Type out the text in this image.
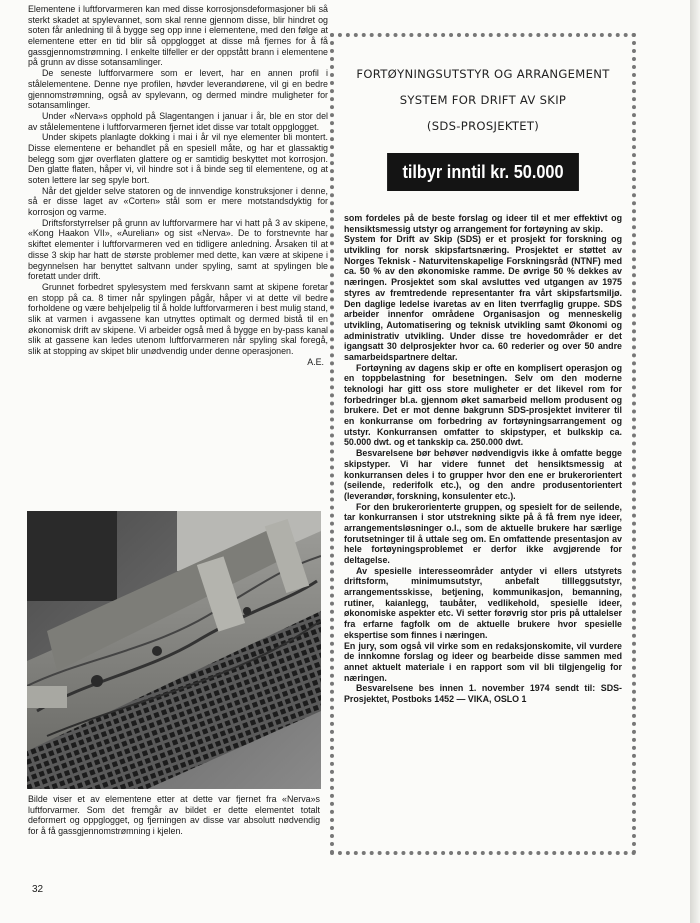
Elementene i luftforvarmeren kan med disse korrosjonsdeformasjoner bli så sterkt skadet at spylevannet, som skal renne gjennom disse, blir hindret og soten får anledning til å bygge seg opp inne i elementene, med den følge at elementene etter en tid blir så oppglogget at disse må fjernes for å få gassgjennomstrømning. I enkelte tilfeller er der oppstått brann i elementene på grunn av disse sotansamlinger.

De seneste luftforvarmere som er levert, har en annen profil i stålelementene. Denne nye profilen, høvder leverandørene, vil gi en bedre gjennomstrømning, også av spylevann, og dermed mindre muligheter for sotansamlinger.

Under «Nerva»s opphold på Slagentangen i januar i år, ble en stor del av stålelementene i luftforvarmeren fjernet idet disse var totalt oppglogget.

Under skipets planlagte dokking i mai i år vil nye elementer bli montert. Disse elementene er behandlet på en spesiell måte, og har et glassaktig belegg som gjør overflaten glattere og er samtidig beskyttet mot korrosjon. Den glatte flaten, håper vi, vil hindre sot i å binde seg til elementene, og at soten lettere lar seg spyle bort.

Når det gjelder selve statoren og de innvendige konstruksjoner i denne, så er disse laget av «Corten» stål som er mere motstandsdyktig for korrosjon og varme.

Driftsforstyrrelser på grunn av luftforvarmere har vi hatt på 3 av skipene, «Kong Haakon VII», «Aurelian» og sist «Nerva». De to forstnevnte har skiftet elementer i luftforvarmeren ved en tidligere anledning. Årsaken til at disse 3 skip har hatt de største problemer med dette, kan være at skipene i begynnelsen har benyttet saltvann under spyling, samt at spylingen ble foretatt under drift.

Grunnet forbedret spylesystem med ferskvann samt at skipene foretar en stopp på ca. 8 timer når spylingen pågår, håper vi at dette vil bedre forholdene og være behjelpelig til å holde luftforvarmeren i best mulig stand, slik at varmen i avgassene kan utnyttes optimalt og dermed bistå til en økonomisk drift av skipene. Vi arbeider også med å bygge en by-pass kanal slik at gassene kan ledes utenom luftforvarmeren når spyling skal foregå, slik at stopping av skipet blir unødvendig under denne operasjonen.

A.E.

Bilde viser et av elementene etter at dette var fjernet fra «Nerva»s luftforvarmer. Som det fremgår av bildet er dette elementet totalt deformert og oppglogget, og fjerningen av disse var absolutt nødvendig for å få gassgjennomstrømning i kjelen.

32

FORTØYNINGSUTSTYR OG ARRANGEMENT

SYSTEM FOR DRIFT AV SKIP

(SDS-PROSJEKTET)

tilbyr inntil kr. 50.000

som fordeles på de beste forslag og ideer til et mer effektivt og hensiktsmessig utstyr og arrangement for fortøyning av skip.

System for Drift av Skip (SDS) er et prosjekt for forskning og utvikling for norsk skipsfartsnæring. Prosjektet er støttet av Norges Teknisk - Naturvitenskapelige Forskningsråd (NTNF) med ca. 50 % av den økonomiske ramme. De øvrige 50 % dekkes av næringen. Prosjektet som skal avsluttes ved utgangen av 1975 styres av fremtredende representanter fra vårt skipsfartsmiljø. Den daglige ledelse ivaretas av en liten tverrfaglig gruppe. SDS arbeider innenfor områdene Organisasjon og menneskelig utvikling, Automatisering og teknisk utvikling samt Økonomi og administrativ utvikling. Under disse tre hovedområder er det igangsatt 30 delprosjekter hvor ca. 60 rederier og over 50 andre samarbeidspartnere deltar.

Fortøyning av dagens skip er ofte en komplisert operasjon og en toppbelastning for besetningen. Selv om den moderne teknologi har gitt oss store muligheter er det likevel rom for forbedringer bl.a. gjennom øket samarbeid mellom produsent og brukere. Det er mot denne bakgrunn SDS-prosjektet inviterer til en konkurranse om forbedring av fortøyningsarrangement og utstyr. Konkurransen omfatter to skipstyper, et bulkskip ca. 50.000 dwt. og et tankskip ca. 250.000 dwt.

Besvarelsene bør behøver nødvendigvis ikke å omfatte begge skipstyper. Vi har videre funnet det hensiktsmessig at konkurransen deles i to grupper hvor den ene er brukerorientert (seilende, rederifolk etc.), og den andre produsentorientert (leverandør, forskning, konsulenter etc.).

For den brukerorienterte gruppen, og spesielt for de seilende, tar konkurransen i stor utstrekning sikte på å få frem nye ideer, arrangementsløsninger o.l., som de aktuelle brukere har særlige forutsetninger til å uttale seg om. En omfattende presentasjon av hele fortøyningsproblemet er derfor ikke avgjørende for deltagelse.

Av spesielle interesseområder antyder vi ellers utstyrets driftsform, minimumsutstyr, anbefalt tillleggsutstyr, arrangementsskisse, betjening, kommunikasjon, bemanning, rutiner, kaianlegg, taubåter, vedlikehold, spesielle ideer, økonomiske aspekter etc. Vi setter forøvrig stor pris på uttalelser fra erfarne fagfolk om de aktuelle brukere hvor spesielle ekspertise som finnes i næringen.

En jury, som også vil virke som en redaksjonskomite, vil vurdere de innkomne forslag og ideer og bearbeide disse sammen med annet aktuelt materiale i en rapport som vil bli tilgjengelig for næringen.

Besvarelsene bes innen 1. november 1974 sendt til: SDS-Prosjektet, Postboks 1452 — VIKA, OSLO 1
